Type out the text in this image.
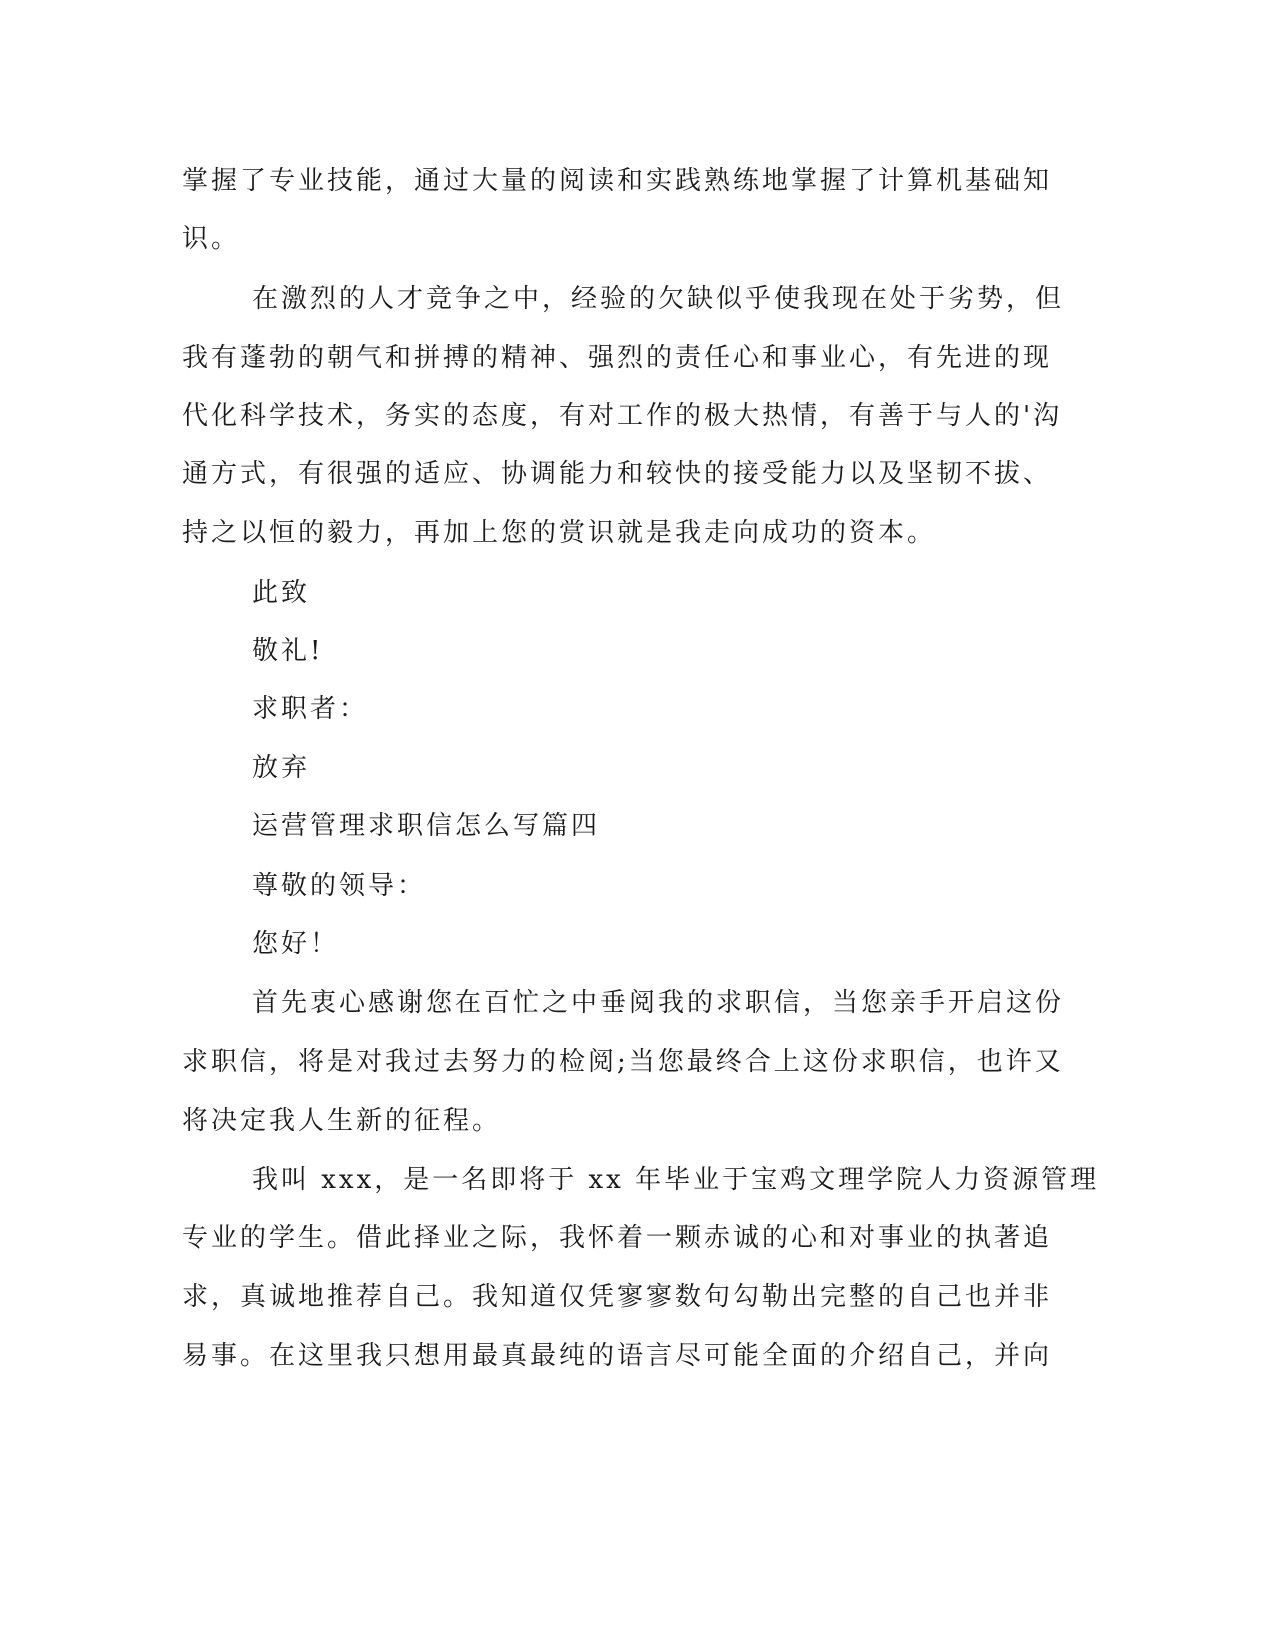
掌握了专业技能，通过大量的阅读和实践熟练地掌握了计算机基础知
识。
在激烈的人才竞争之中，经验的欠缺似乎使我现在处于劣势，但
我有蓬勃的朝气和拼搏的精神、强烈的责任心和事业心，有先进的现
代化科学技术，务实的态度，有对工作的极大热情，有善于与人的'沟
通方式，有很强的适应、协调能力和较快的接受能力以及坚韧不拔、
持之以恒的毅力，再加上您的赏识就是我走向成功的资本。
此致
敬礼!
求职者：
放弃
运营管理求职信怎么写篇四
尊敬的领导：
您好！
首先衷心感谢您在百忙之中垂阅我的求职信，当您亲手开启这份
求职信，将是对我过去努力的检阅;当您最终合上这份求职信，也许又
将决定我人生新的征程。
我叫 xxx，是一名即将于 xx 年毕业于宝鸡文理学院人力资源管理
专业的学生。借此择业之际，我怀着一颗赤诚的心和对事业的执著追
求，真诚地推荐自己。我知道仅凭寥寥数句勾勒出完整的自己也并非
易事。在这里我只想用最真最纯的语言尽可能全面的介绍自己，并向
